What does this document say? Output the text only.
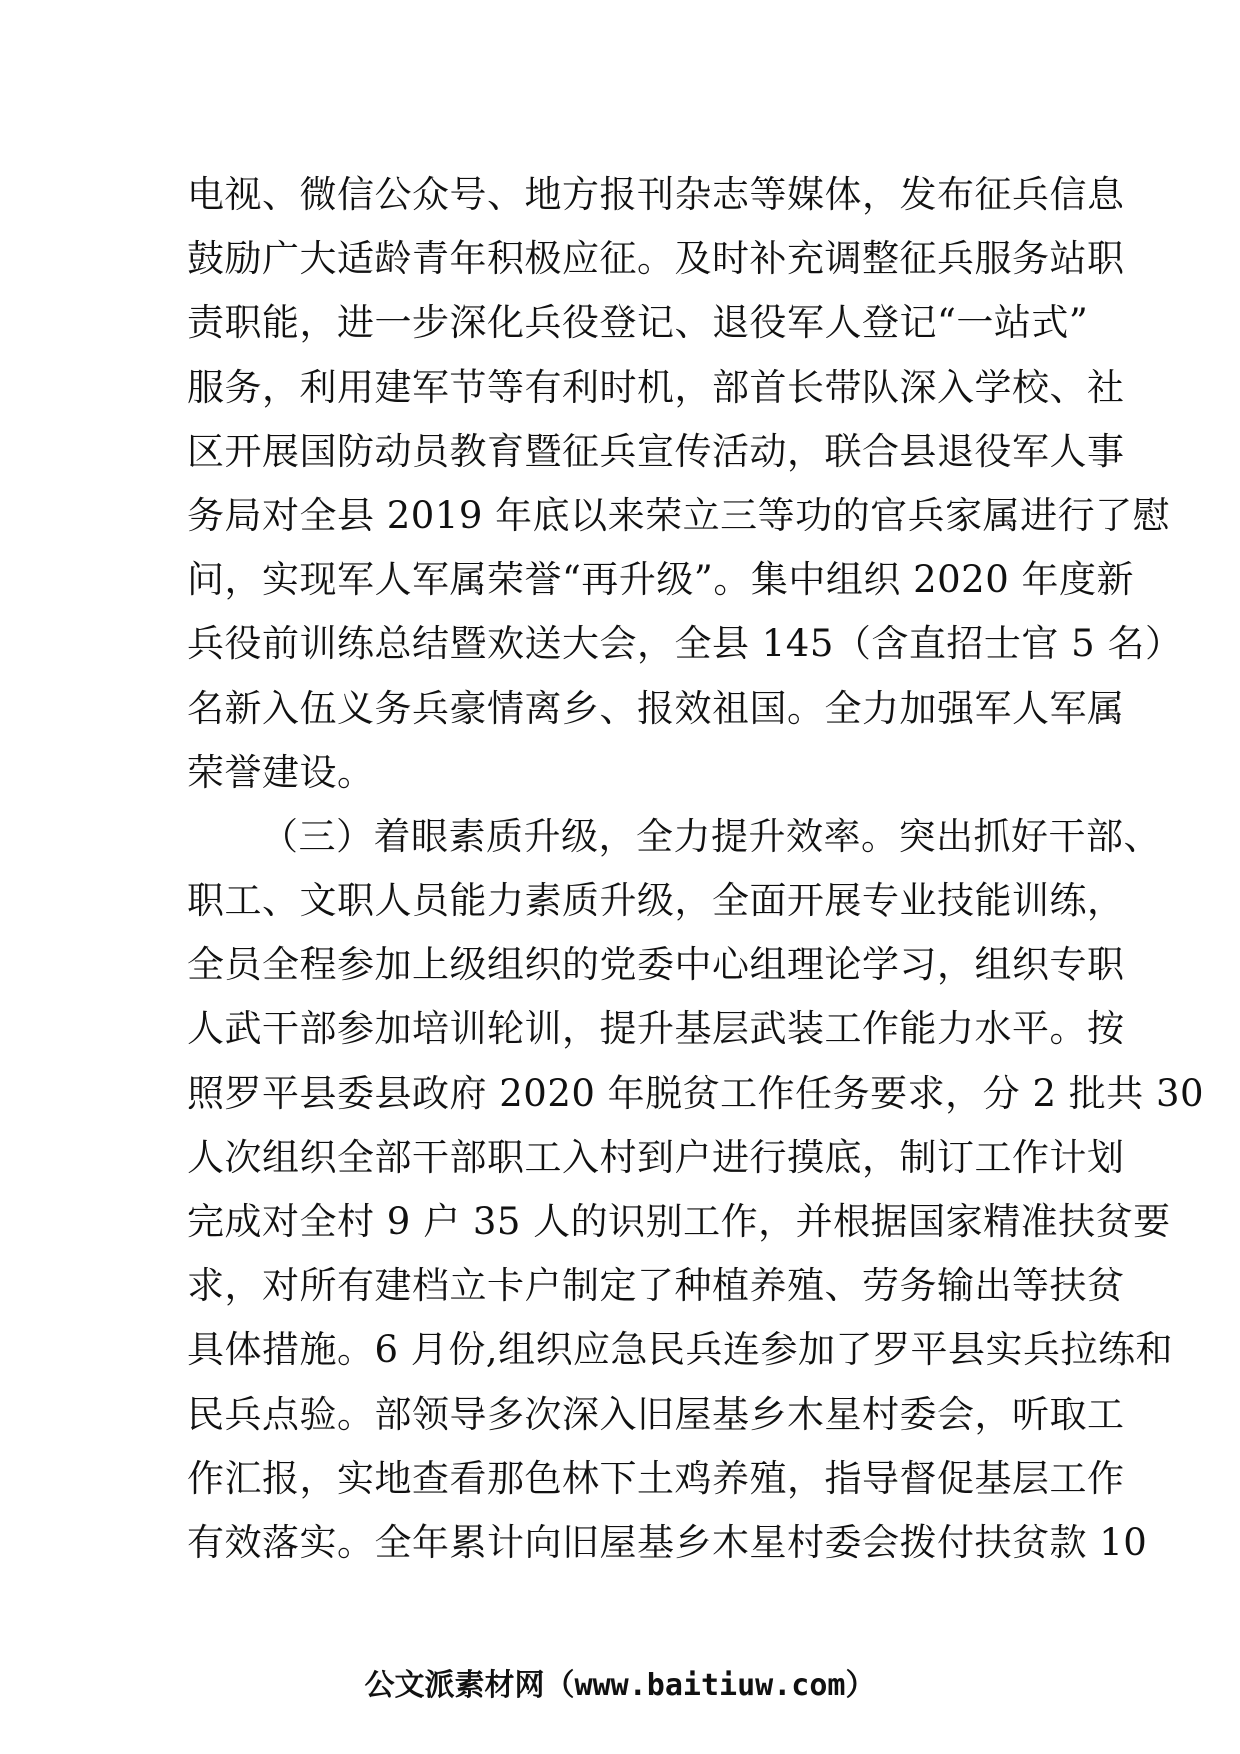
电视、微信公众号、地方报刊杂志等媒体，发布征兵信息
鼓励广大适龄青年积极应征。及时补充调整征兵服务站职
责职能，进一步深化兵役登记、退役军人登记“一站式”
服务，利用建军节等有利时机，部首长带队深入学校、社
区开展国防动员教育暨征兵宣传活动，联合县退役军人事
务局对全县 2019 年底以来荣立三等功的官兵家属进行了慰
问，实现军人军属荣誉“再升级”。集中组织 2020 年度新
兵役前训练总结暨欢送大会，全县 145（含直招士官 5 名）
名新入伍义务兵豪情离乡、报效祖国。全力加强军人军属
荣誉建设。
（三）着眼素质升级，全力提升效率。突出抓好干部、
职工、文职人员能力素质升级，全面开展专业技能训练，
全员全程参加上级组织的党委中心组理论学习，组织专职
人武干部参加培训轮训，提升基层武装工作能力水平。按
照罗平县委县政府 2020 年脱贫工作任务要求，分 2 批共 30
人次组织全部干部职工入村到户进行摸底，制订工作计划
完成对全村 9 户 35 人的识别工作，并根据国家精准扶贫要
求，对所有建档立卡户制定了种植养殖、劳务输出等扶贫
具体措施。6 月份,组织应急民兵连参加了罗平县实兵拉练和
民兵点验。部领导多次深入旧屋基乡木星村委会，听取工
作汇报，实地查看那色林下土鸡养殖，指导督促基层工作
有效落实。全年累计向旧屋基乡木星村委会拨付扶贫款 10
公文派素材网（www.baitiuw.com）
